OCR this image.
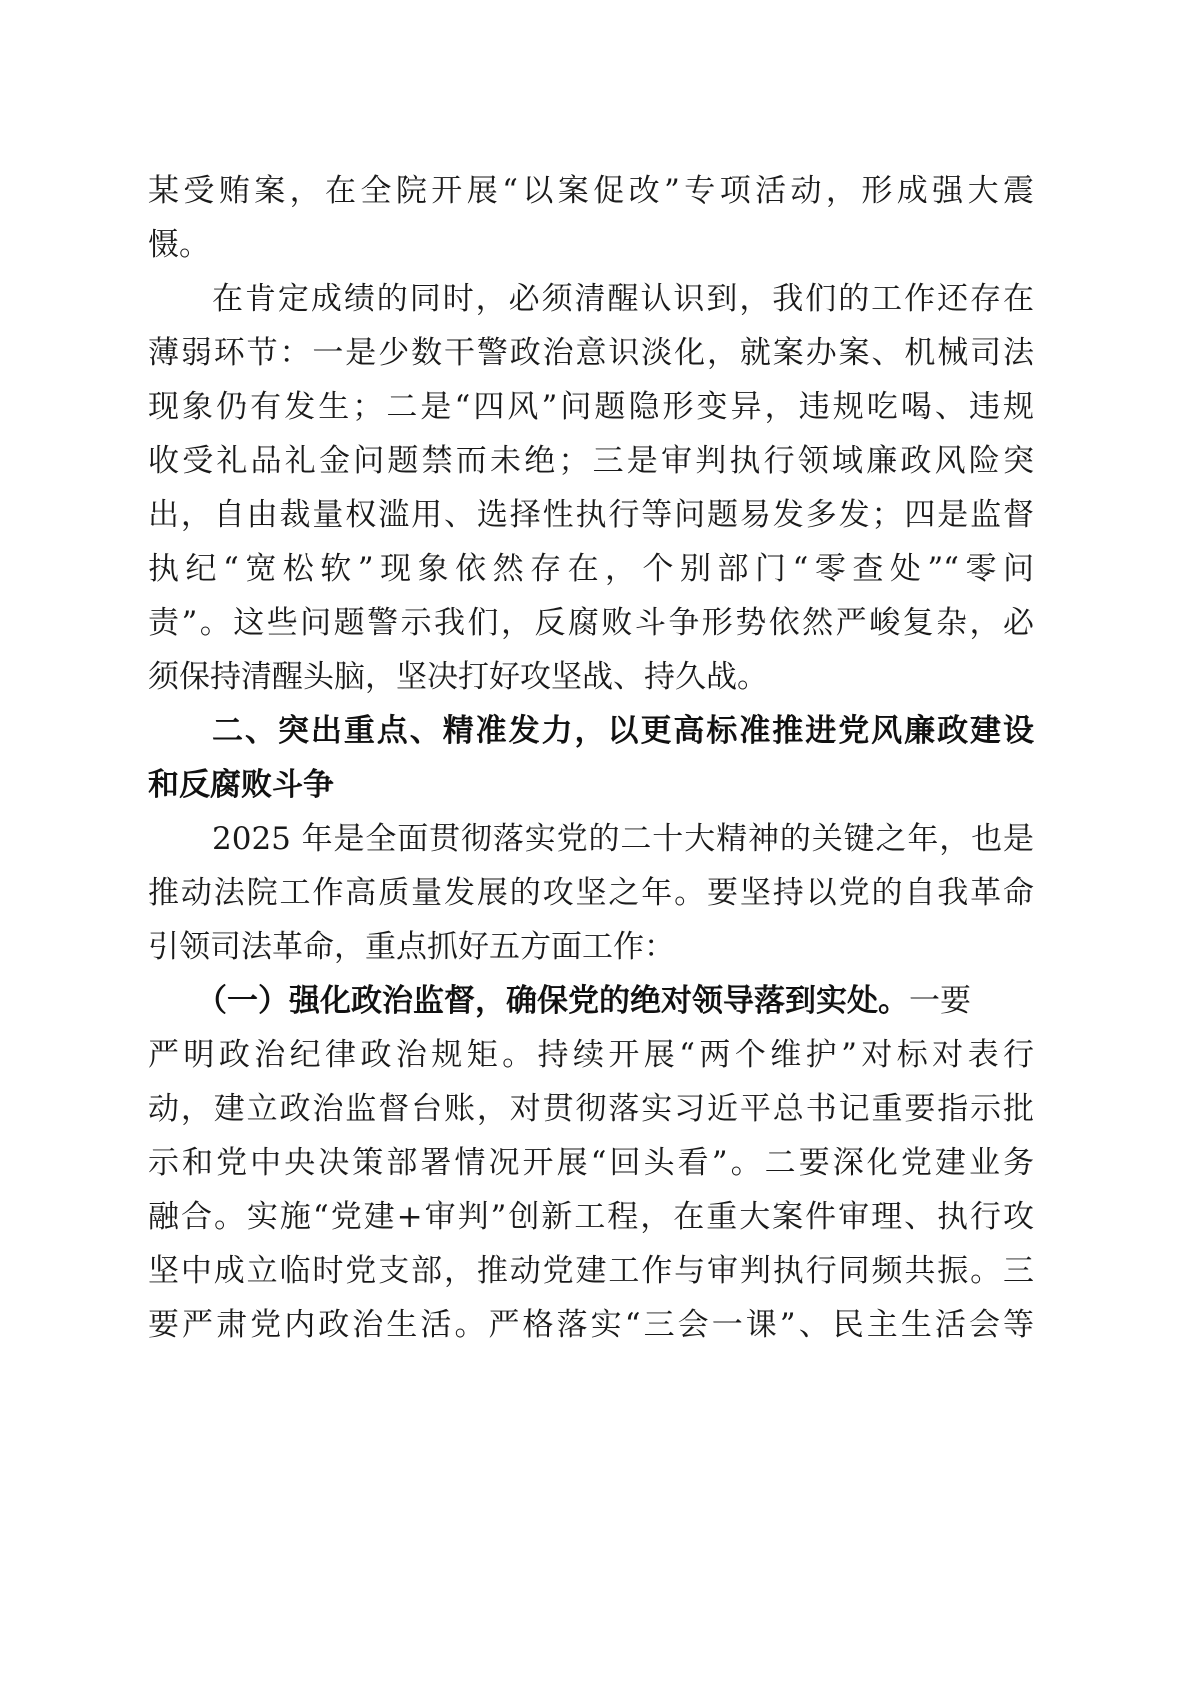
某受贿案，在全院开展“以案促改”专项活动，形成强大震
慑。
在肯定成绩的同时，必须清醒认识到，我们的工作还存在
薄弱环节：一是少数干警政治意识淡化，就案办案、机械司法
现象仍有发生；二是“四风”问题隐形变异，违规吃喝、违规
收受礼品礼金问题禁而未绝；三是审判执行领域廉政风险突
出，自由裁量权滥用、选择性执行等问题易发多发；四是监督
执纪“宽松软”现象依然存在，个别部门“零查处”“零问
责”。这些问题警示我们，反腐败斗争形势依然严峻复杂，必
须保持清醒头脑，坚决打好攻坚战、持久战。
二、突出重点、精准发力，以更高标准推进党风廉政建设
和反腐败斗争
2025 年是全面贯彻落实党的二十大精神的关键之年，也是
推动法院工作高质量发展的攻坚之年。要坚持以党的自我革命
引领司法革命，重点抓好五方面工作：
（一）强化政治监督，确保党的绝对领导落到实处。一要
严明政治纪律政治规矩。持续开展“两个维护”对标对表行
动，建立政治监督台账，对贯彻落实习近平总书记重要指示批
示和党中央决策部署情况开展“回头看”。二要深化党建业务
融合。实施“党建+审判”创新工程，在重大案件审理、执行攻
坚中成立临时党支部，推动党建工作与审判执行同频共振。三
要严肃党内政治生活。严格落实“三会一课”、民主生活会等
